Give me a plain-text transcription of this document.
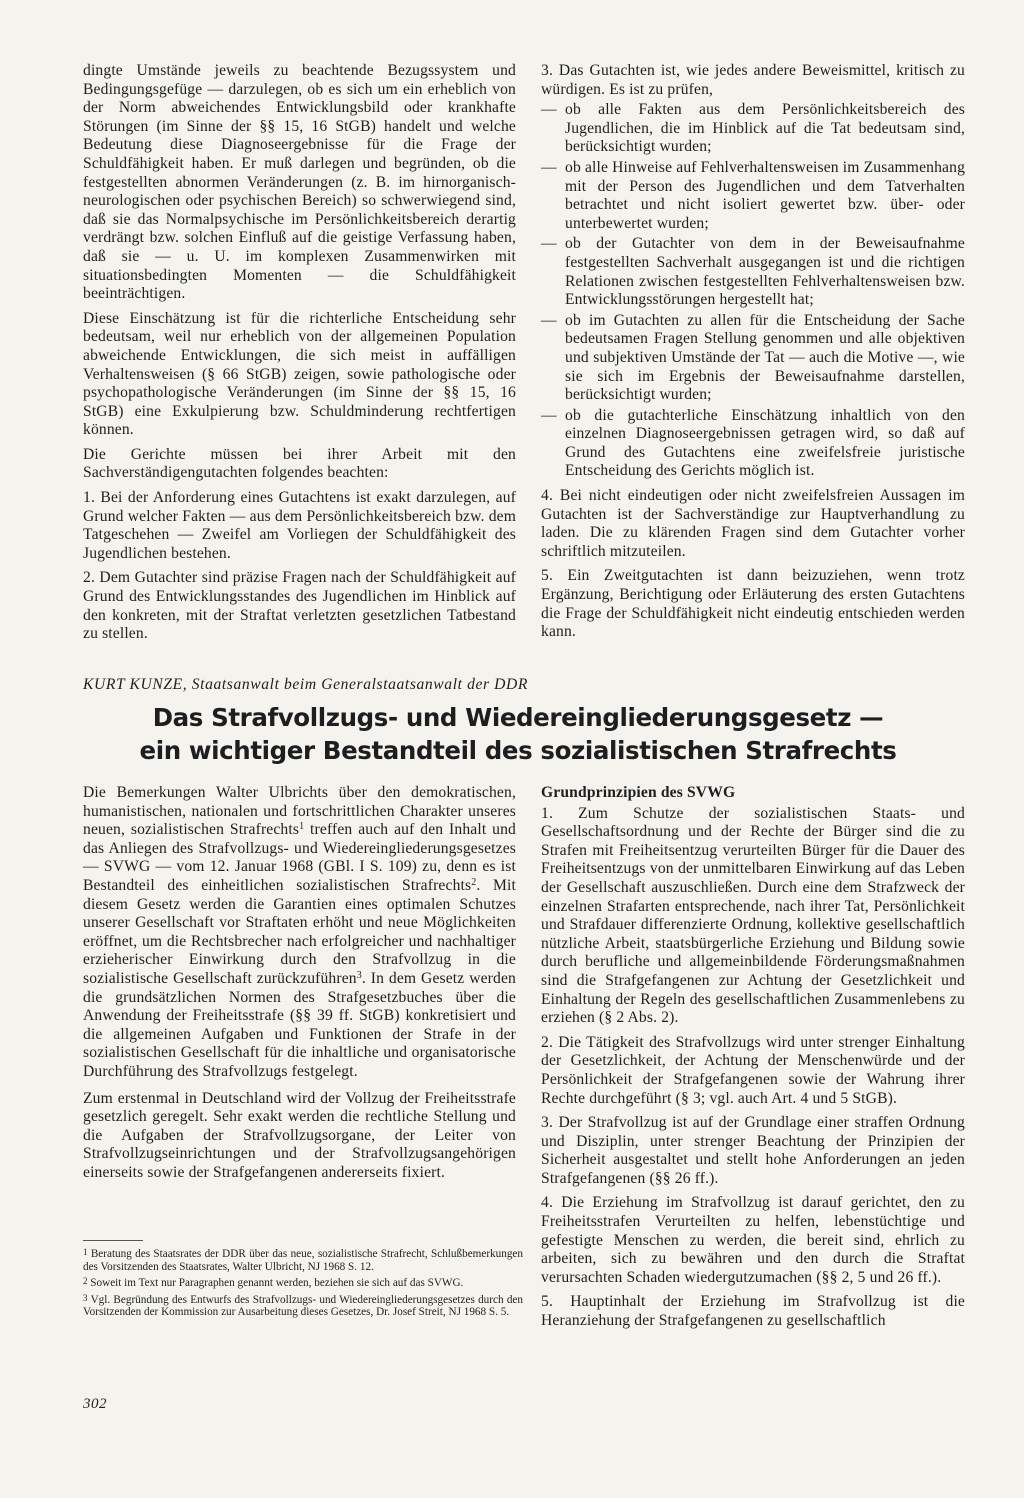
dingte Umstände jeweils zu beachtende Bezugssystem und Bedingungsgefüge — darzulegen, ob es sich um ein erheblich von der Norm abweichendes Entwicklungsbild oder krankhafte Störungen (im Sinne der §§ 15, 16 StGB) handelt und welche Bedeutung diese Diagnoseergebnisse für die Frage der Schuldfähigkeit haben. Er muß darlegen und begründen, ob die festgestellten abnormen Veränderungen (z. B. im hirnorganisch-neurologischen oder psychischen Bereich) so schwerwiegend sind, daß sie das Normalpsychische im Persönlichkeitsbereich derartig verdrängt bzw. solchen Einfluß auf die geistige Verfassung haben, daß sie — u. U. im komplexen Zusammenwirken mit situationsbedingten Momenten — die Schuldfähigkeit beeinträchtigen.

Diese Einschätzung ist für die richterliche Entscheidung sehr bedeutsam, weil nur erheblich von der allgemeinen Population abweichende Entwicklungen, die sich meist in auffälligen Verhaltensweisen (§ 66 StGB) zeigen, sowie pathologische oder psychopathologische Veränderungen (im Sinne der §§ 15, 16 StGB) eine Exkulpierung bzw. Schuldminderung rechtfertigen können.

Die Gerichte müssen bei ihrer Arbeit mit den Sachverständigengutachten folgendes beachten:

1. Bei der Anforderung eines Gutachtens ist exakt darzulegen, auf Grund welcher Fakten — aus dem Persönlichkeitsbereich bzw. dem Tatgeschehen — Zweifel am Vorliegen der Schuldfähigkeit des Jugendlichen bestehen.

2. Dem Gutachter sind präzise Fragen nach der Schuldfähigkeit auf Grund des Entwicklungsstandes des Jugendlichen im Hinblick auf den konkreten, mit der Straftat verletzten gesetzlichen Tatbestand zu stellen.

3. Das Gutachten ist, wie jedes andere Beweismittel, kritisch zu würdigen. Es ist zu prüfen,

— ob alle Fakten aus dem Persönlichkeitsbereich des Jugendlichen, die im Hinblick auf die Tat bedeutsam sind, berücksichtigt wurden;
— ob alle Hinweise auf Fehlverhaltensweisen im Zusammenhang mit der Person des Jugendlichen und dem Tatverhalten betrachtet und nicht isoliert gewertet bzw. über- oder unterbewertet wurden;
— ob der Gutachter von dem in der Beweisaufnahme festgestellten Sachverhalt ausgegangen ist und die richtigen Relationen zwischen festgestellten Fehlverhaltensweisen bzw. Entwicklungsstörungen hergestellt hat;
— ob im Gutachten zu allen für die Entscheidung der Sache bedeutsamen Fragen Stellung genommen und alle objektiven und subjektiven Umstände der Tat — auch die Motive —, wie sie sich im Ergebnis der Beweisaufnahme darstellen, berücksichtigt wurden;
— ob die gutachterliche Einschätzung inhaltlich von den einzelnen Diagnoseergebnissen getragen wird, so daß auf Grund des Gutachtens eine zweifelsfreie juristische Entscheidung des Gerichts möglich ist.

4. Bei nicht eindeutigen oder nicht zweifelsfreien Aussagen im Gutachten ist der Sachverständige zur Hauptverhandlung zu laden. Die zu klärenden Fragen sind dem Gutachter vorher schriftlich mitzuteilen.

5. Ein Zweitgutachten ist dann beizuziehen, wenn trotz Ergänzung, Berichtigung oder Erläuterung des ersten Gutachtens die Frage der Schuldfähigkeit nicht eindeutig entschieden werden kann.

KURT KUNZE, Staatsanwalt beim Generalstaatsanwalt der DDR
Das Strafvollzugs- und Wiedereingliederungsgesetz —
ein wichtiger Bestandteil des sozialistischen Strafrechts

Die Bemerkungen Walter Ulbrichts über den demokratischen, humanistischen, nationalen und fortschrittlichen Charakter unseres neuen, sozialistischen Strafrechts$^1$ treffen auch auf den Inhalt und das Anliegen des Strafvollzugs- und Wiedereingliederungsgesetzes — SVWG — vom 12. Januar 1968 (GBl. I S. 109) zu, denn es ist Bestandteil des einheitlichen sozialistischen Strafrechts$^2$. Mit diesem Gesetz werden die Garantien eines optimalen Schutzes unserer Gesellschaft vor Straftaten erhöht und neue Möglichkeiten eröffnet, um die Rechtsbrecher nach erfolgreicher und nachhaltiger erzieherischer Einwirkung durch den Strafvollzug in die sozialistische Gesellschaft zurückzuführen$^3$. In dem Gesetz werden die grundsätzlichen Normen des Strafgesetzbuches über die Anwendung der Freiheitsstrafe (§§ 39 ff. StGB) konkretisiert und die allgemeinen Aufgaben und Funktionen der Strafe in der sozialistischen Gesellschaft für die inhaltliche und organisatorische Durchführung des Strafvollzugs festgelegt.

Zum erstenmal in Deutschland wird der Vollzug der Freiheitsstrafe gesetzlich geregelt. Sehr exakt werden die rechtliche Stellung und die Aufgaben der Strafvollzugsorgane, der Leiter von Strafvollzugseinrichtungen und der Strafvollzugsangehörigen einerseits sowie der Strafgefangenen andererseits fixiert.

1 Beratung des Staatsrates der DDR über das neue, sozialistische Strafrecht, Schlußbemerkungen des Vorsitzenden des Staatsrates, Walter Ulbricht, NJ 1968 S. 12.

2 Soweit im Text nur Paragraphen genannt werden, beziehen sie sich auf das SVWG.

3 Vgl. Begründung des Entwurfs des Strafvollzugs- und Wiedereingliederungsgesetzes durch den Vorsitzenden der Kommission zur Ausarbeitung dieses Gesetzes, Dr. Josef Streit, NJ 1968 S. 5.

Grundprinzipien des SVWG

1. Zum Schutze der sozialistischen Staats- und Gesellschaftsordnung und der Rechte der Bürger sind die zu Strafen mit Freiheitsentzug verurteilten Bürger für die Dauer des Freiheitsentzugs von der unmittelbaren Einwirkung auf das Leben der Gesellschaft auszuschließen. Durch eine dem Strafzweck der einzelnen Strafarten entsprechende, nach ihrer Tat, Persönlichkeit und Strafdauer differenzierte Ordnung, kollektive gesellschaftlich nützliche Arbeit, staatsbürgerliche Erziehung und Bildung sowie durch berufliche und allgemeinbildende Förderungsmaßnahmen sind die Strafgefangenen zur Achtung der Gesetzlichkeit und Einhaltung der Regeln des gesellschaftlichen Zusammenlebens zu erziehen (§ 2 Abs. 2).

2. Die Tätigkeit des Strafvollzugs wird unter strenger Einhaltung der Gesetzlichkeit, der Achtung der Menschenwürde und der Persönlichkeit der Strafgefangenen sowie der Wahrung ihrer Rechte durchgeführt (§ 3; vgl. auch Art. 4 und 5 StGB).

3. Der Strafvollzug ist auf der Grundlage einer straffen Ordnung und Disziplin, unter strenger Beachtung der Prinzipien der Sicherheit ausgestaltet und stellt hohe Anforderungen an jeden Strafgefangenen (§§ 26 ff.).

4. Die Erziehung im Strafvollzug ist darauf gerichtet, den zu Freiheitsstrafen Verurteilten zu helfen, lebenstüchtige und gefestigte Menschen zu werden, die bereit sind, ehrlich zu arbeiten, sich zu bewähren und den durch die Straftat verursachten Schaden wiedergutzumachen (§§ 2, 5 und 26 ff.).

5. Hauptinhalt der Erziehung im Strafvollzug ist die Heranziehung der Strafgefangenen zu gesellschaftlich

302
